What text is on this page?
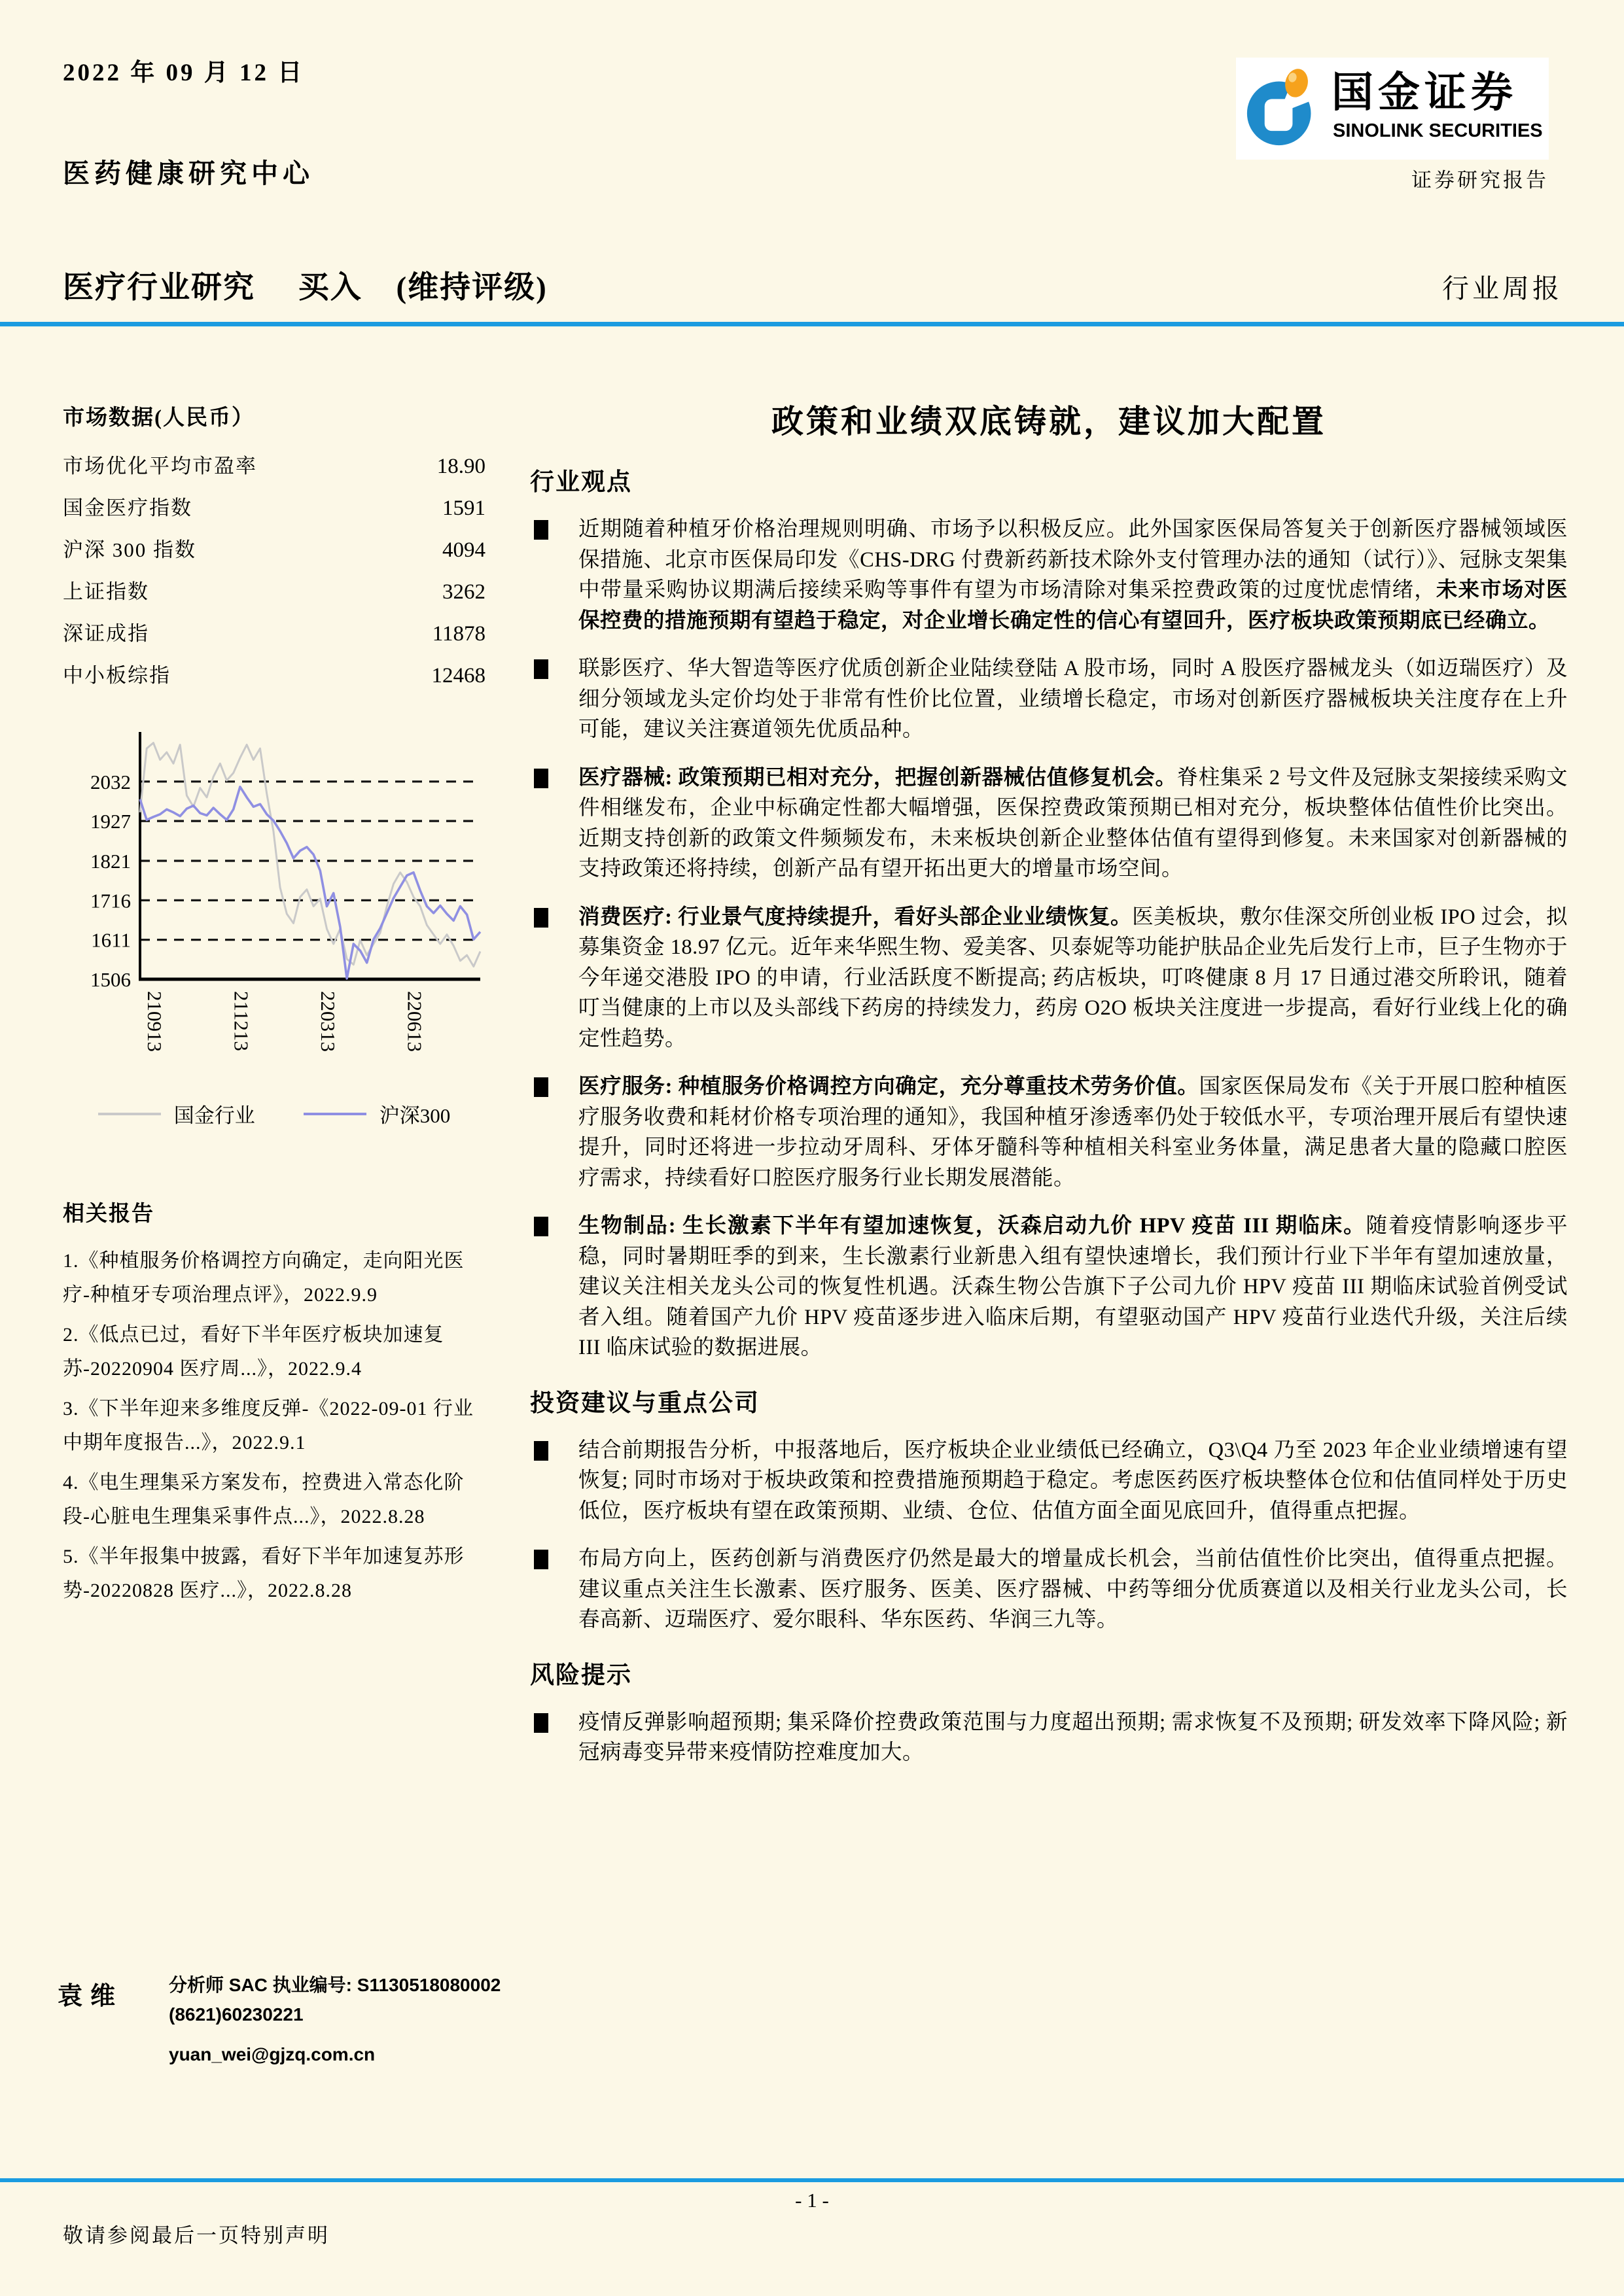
2022 年 09 月 12 日	国金证券
SINOLINK SECURITIES
证券研究报告
医药健康研究中心
医疗行业研究 买入 (维持评级)	行业周报
市场数据(人民币）
市场优化平均市盈率	18.90
国金医疗指数	1591
沪深 300 指数	4094
上证指数	3262
深证成指	11878
中小板综指	12468
2032
1927
1821
1716
1611
1506
210913	211213	220313	220613
国金行业	沪深300
相关报告
1.《种植服务价格调控方向确定，走向阳光医疗-种植牙专项治理点评》，2022.9.9
2.《低点已过，看好下半年医疗板块加速复苏-20220904 医疗周...》，2022.9.4
3.《下半年迎来多维度反弹-《2022-09-01 行业中期年度报告...》，2022.9.1
4.《电生理集采方案发布，控费进入常态化阶段-心脏电生理集采事件点...》，2022.8.28
5.《半年报集中披露，看好下半年加速复苏形势-20220828 医疗...》，2022.8.28
袁维	分析师 SAC 执业编号: S1130518080002
(8621)60230221
yuan_wei@gjzq.com.cn
政策和业绩双底铸就，建议加大配置
行业观点

近期随着种植牙价格治理规则明确、市场予以积极反应。此外国家医保局答复关于创新医疗器械领域医保措施、北京市医保局印发《CHS-DRG 付费新药新技术除外支付管理办法的通知（试行）》、冠脉支架集中带量采购协议期满后接续采购等事件有望为市场清除对集采控费政策的过度忧虑情绪，未来市场对医保控费的措施预期有望趋于稳定，对企业增长确定性的信心有望回升，医疗板块政策预期底已经确立。

联影医疗、华大智造等医疗优质创新企业陆续登陆 A 股市场，同时 A 股医疗器械龙头（如迈瑞医疗）及细分领域龙头定价均处于非常有性价比位置，业绩增长稳定，市场对创新医疗器械板块关注度存在上升可能，建议关注赛道领先优质品种。

医疗器械: 政策预期已相对充分，把握创新器械估值修复机会。脊柱集采 2 号文件及冠脉支架接续采购文件相继发布，企业中标确定性都大幅增强，医保控费政策预期已相对充分，板块整体估值性价比突出。近期支持创新的政策文件频频发布，未来板块创新企业整体估值有望得到修复。未来国家对创新器械的支持政策还将持续，创新产品有望开拓出更大的增量市场空间。

消费医疗: 行业景气度持续提升，看好头部企业业绩恢复。医美板块，敷尔佳深交所创业板 IPO 过会，拟募集资金 18.97 亿元。近年来华熙生物、爱美客、贝泰妮等功能护肤品企业先后发行上市，巨子生物亦于今年递交港股 IPO 的申请，行业活跃度不断提高; 药店板块，叮咚健康 8 月 17 日通过港交所聆讯，随着叮当健康的上市以及头部线下药房的持续发力，药房 O2O 板块关注度进一步提高，看好行业线上化的确定性趋势。

医疗服务: 种植服务价格调控方向确定，充分尊重技术劳务价值。国家医保局发布《关于开展口腔种植医疗服务收费和耗材价格专项治理的通知》，我国种植牙渗透率仍处于较低水平，专项治理开展后有望快速提升，同时还将进一步拉动牙周科、牙体牙髓科等种植相关科室业务体量，满足患者大量的隐藏口腔医疗需求，持续看好口腔医疗服务行业长期发展潜能。

生物制品: 生长激素下半年有望加速恢复，沃森启动九价 HPV 疫苗 III 期临床。随着疫情影响逐步平稳，同时暑期旺季的到来，生长激素行业新患入组有望快速增长，我们预计行业下半年有望加速放量，建议关注相关龙头公司的恢复性机遇。沃森生物公告旗下子公司九价 HPV 疫苗 III 期临床试验首例受试者入组。随着国产九价 HPV 疫苗逐步进入临床后期，有望驱动国产 HPV 疫苗行业迭代升级，关注后续 III 临床试验的数据进展。

投资建议与重点公司

结合前期报告分析，中报落地后，医疗板块企业业绩低已经确立，Q3\Q4 乃至 2023 年企业业绩增速有望恢复; 同时市场对于板块政策和控费措施预期趋于稳定。考虑医药医疗板块整体仓位和估值同样处于历史低位，医疗板块有望在政策预期、业绩、仓位、估值方面全面见底回升，值得重点把握。

布局方向上，医药创新与消费医疗仍然是最大的增量成长机会，当前估值性价比突出，值得重点把握。建议重点关注生长激素、医疗服务、医美、医疗器械、中药等细分优质赛道以及相关行业龙头公司，长春高新、迈瑞医疗、爱尔眼科、华东医药、华润三九等。

风险提示

疫情反弹影响超预期; 集采降价控费政策范围与力度超出预期; 需求恢复不及预期; 研发效率下降风险; 新冠病毒变异带来疫情防控难度加大。

- 1 -
敬请参阅最后一页特别声明
